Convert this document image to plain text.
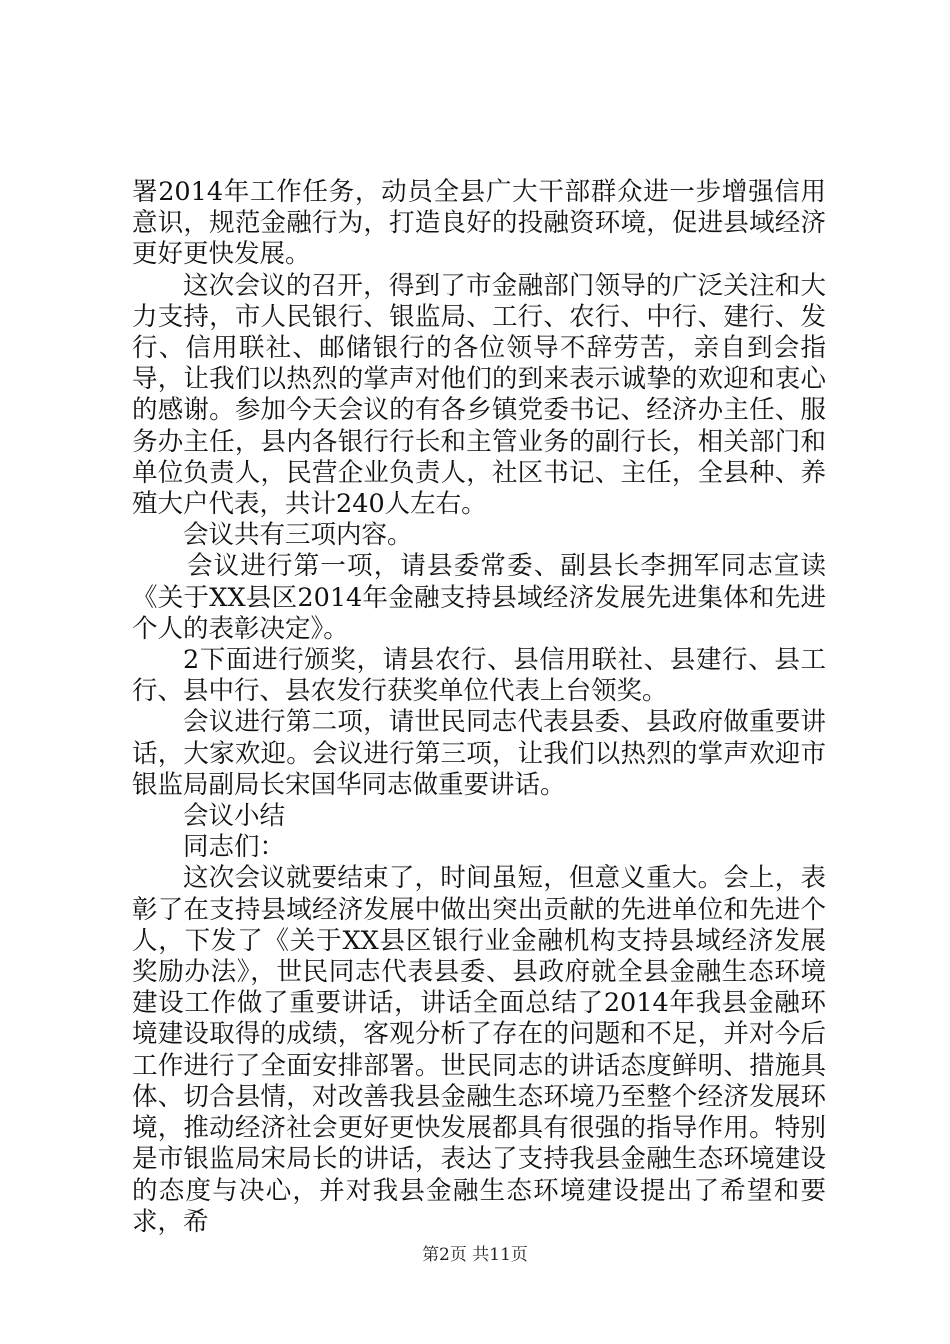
署2014年工作任务，动员全县广大干部群众进一步增强信用意识，规范金融行为，打造良好的投融资环境，促进县域经济更好更快发展。

这次会议的召开，得到了市金融部门领导的广泛关注和大力支持，市人民银行、银监局、工行、农行、中行、建行、发行、信用联社、邮储银行的各位领导不辞劳苦，亲自到会指导，让我们以热烈的掌声对他们的到来表示诚挚的欢迎和衷心的感谢。参加今天会议的有各乡镇党委书记、经济办主任、服务办主任，县内各银行行长和主管业务的副行长，相关部门和单位负责人，民营企业负责人，社区书记、主任，全县种、养殖大户代表，共计240人左右。

会议共有三项内容。

会议进行第一项，请县委常委、副县长李拥军同志宣读《关于XX县区2014年金融支持县域经济发展先进集体和先进个人的表彰决定》。

2下面进行颁奖，请县农行、县信用联社、县建行、县工行、县中行、县农发行获奖单位代表上台领奖。

会议进行第二项，请世民同志代表县委、县政府做重要讲话，大家欢迎。会议进行第三项，让我们以热烈的掌声欢迎市银监局副局长宋国华同志做重要讲话。

会议小结

同志们：

这次会议就要结束了，时间虽短，但意义重大。会上，表彰了在支持县域经济发展中做出突出贡献的先进单位和先进个人，下发了《关于XX县区银行业金融机构支持县域经济发展奖励办法》，世民同志代表县委、县政府就全县金融生态环境建设工作做了重要讲话，讲话全面总结了2014年我县金融环境建设取得的成绩，客观分析了存在的问题和不足，并对今后工作进行了全面安排部署。世民同志的讲话态度鲜明、措施具体、切合县情，对改善我县金融生态环境乃至整个经济发展环境，推动经济社会更好更快发展都具有很强的指导作用。特别是市银监局宋局长的讲话，表达了支持我县金融生态环境建设的态度与决心，并对我县金融生态环境建设提出了希望和要求，希

第2页 共11页
